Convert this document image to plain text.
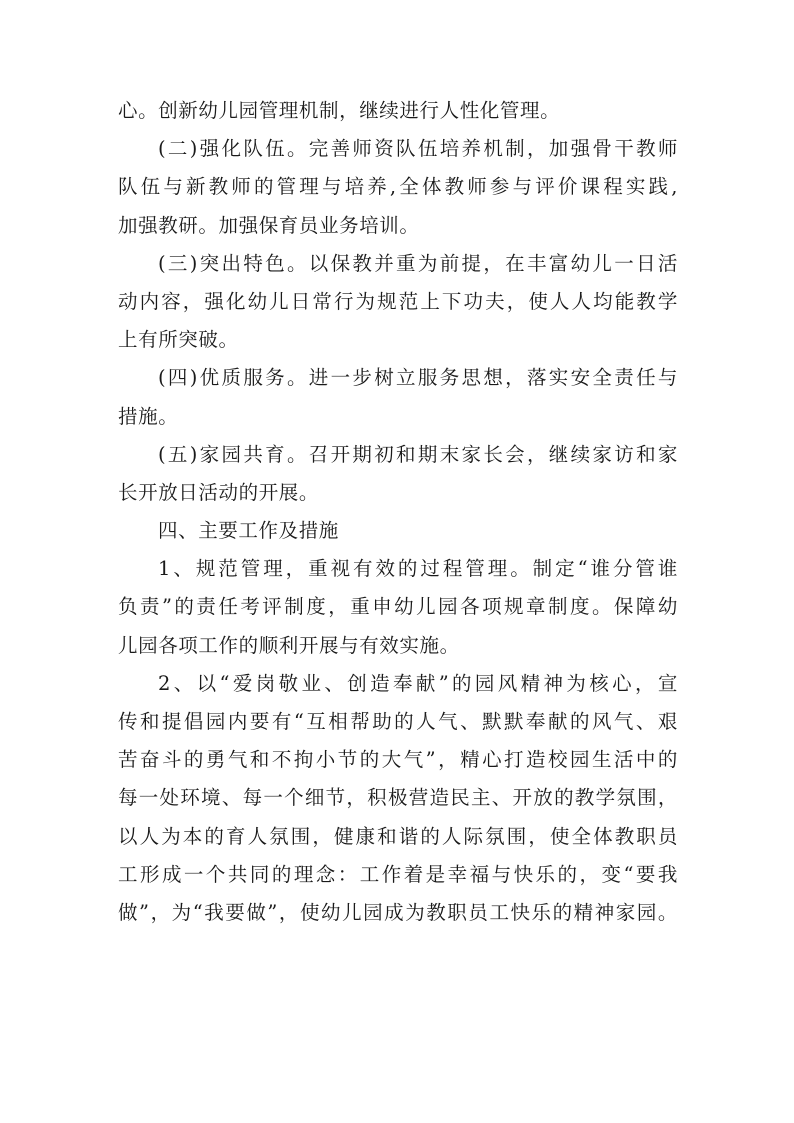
心。创新幼儿园管理机制，继续进行人性化管理。
(二)强化队伍。完善师资队伍培养机制，加强骨干教师
队伍与新教师的管理与培养,全体教师参与评价课程实践,
加强教研。加强保育员业务培训。
(三)突出特色。以保教并重为前提，在丰富幼儿一日活
动内容，强化幼儿日常行为规范上下功夫，使人人均能教学
上有所突破。
(四)优质服务。进一步树立服务思想，落实安全责任与
措施。
(五)家园共育。召开期初和期末家长会，继续家访和家
长开放日活动的开展。
四、主要工作及措施
1、规范管理，重视有效的过程管理。制定“谁分管谁
负责”的责任考评制度，重申幼儿园各项规章制度。保障幼
儿园各项工作的顺利开展与有效实施。
2、以“爱岗敬业、创造奉献”的园风精神为核心，宣
传和提倡园内要有“互相帮助的人气、默默奉献的风气、艰
苦奋斗的勇气和不拘小节的大气”，精心打造校园生活中的
每一处环境、每一个细节，积极营造民主、开放的教学氛围，
以人为本的育人氛围，健康和谐的人际氛围，使全体教职员
工形成一个共同的理念：工作着是幸福与快乐的，变“要我
做”，为“我要做”，使幼儿园成为教职员工快乐的精神家园。
